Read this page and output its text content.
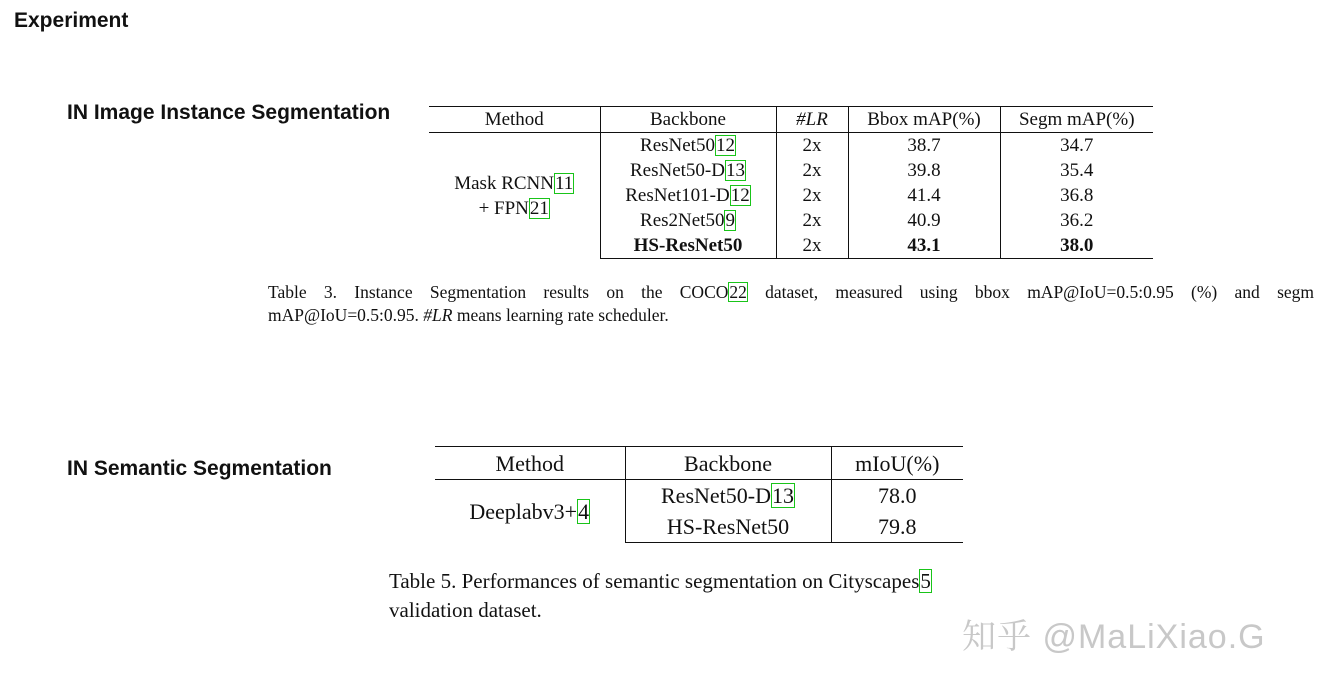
Experiment
IN Image Instance Segmentation	Method	Backbone	#LR	Bbox mAP(%)	Segm mAP(%)
Mask RCNN11
+ FPN21	ResNet5012	2x	38.7	34.7
	ResNet50-D13	2x	39.8	35.4
	ResNet101-D12	2x	41.4	36.8
	Res2Net509	2x	40.9	36.2
	HS-ResNet50	2x	43.1	38.0
Table 3. Instance Segmentation results on the COCO22 dataset, measured using bbox mAP@IoU=0.5:0.95 (%) and segm
mAP@IoU=0.5:0.95. #LR means learning rate scheduler.
IN Semantic Segmentation	Method	Backbone	mIoU(%)
Deeplabv3+4	ResNet50-D13	78.0
	HS-ResNet50	79.8
Table 5. Performances of semantic segmentation on Cityscapes5
validation dataset.
知乎 @MaLiXiao.G
